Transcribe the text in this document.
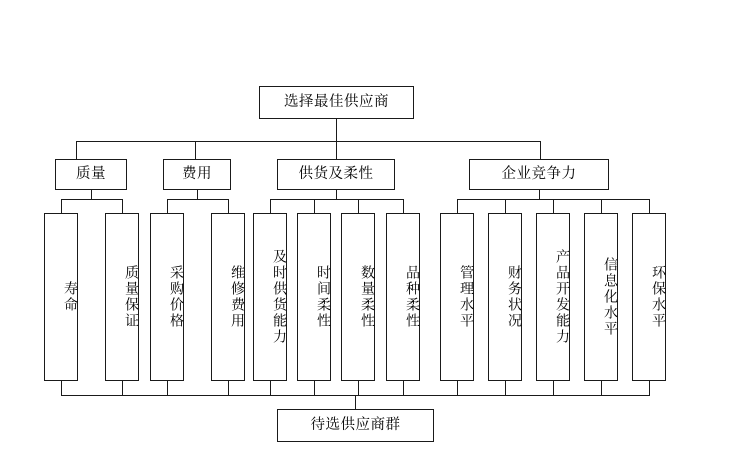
选择最佳供应商
质量	费用	供货及柔性	企业竞争力
寿命	质量保证 采购价格	维修费用 及时供货能力 时间柔性 数量柔性 品种柔性	管理水平 财务状况 产品开发能力 信息化水平 环保水平
待选供应商群
